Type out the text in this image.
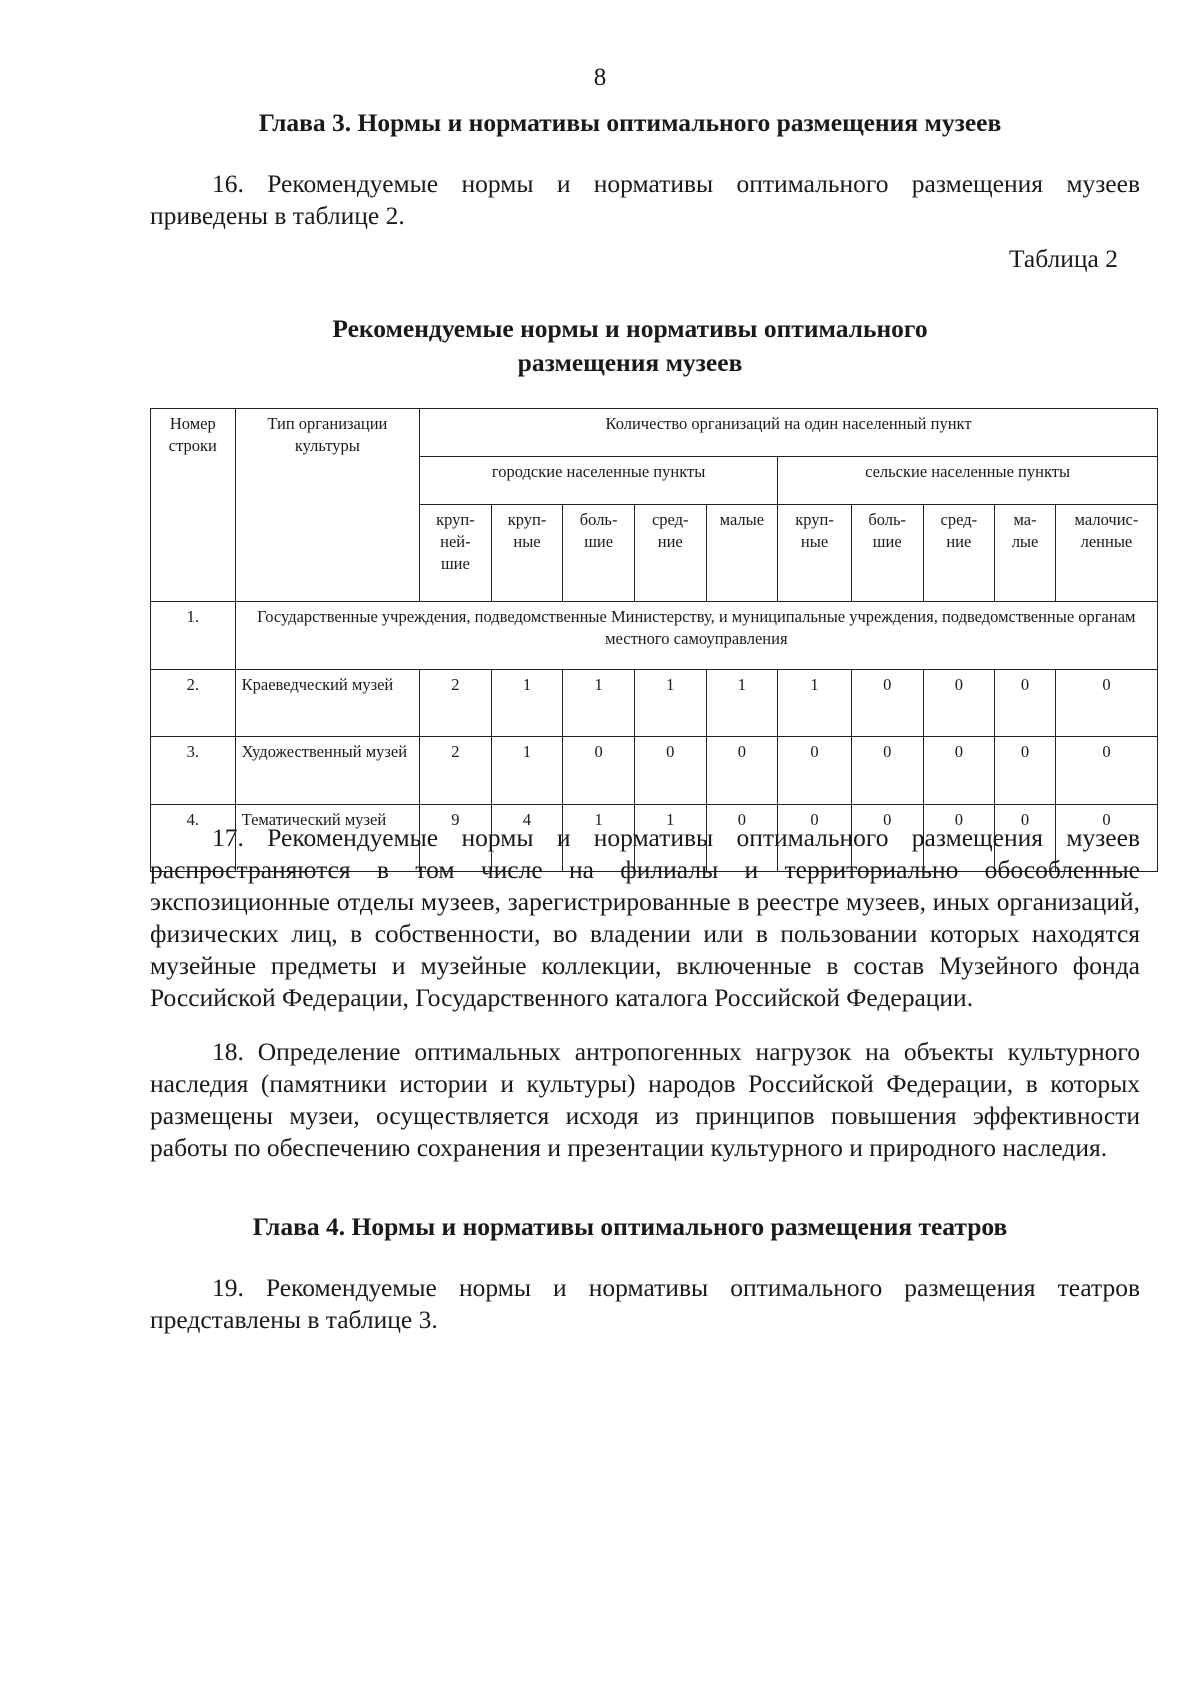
8
Глава 3. Нормы и нормативы оптимального размещения музеев

16. Рекомендуемые нормы и нормативы оптимального размещения музеев приведены в таблице 2.

Таблица 2
Рекомендуемые нормы и нормативы оптимального
размещения музеев
Номер строки	Тип организации культуры	Количество организаций на один населенный пункт									
		городские населенные пункты					сельские населенные пункты				
		круп-
ней-
шие	круп-
ные	боль-
шие	сред-
ние	малые	круп-
ные	боль-
шие	сред-
ние	ма-
лые	малочис-
ленные
1.	Государственные учреждения, подведомственные Министерству, и муниципальные учреждения, подведомственные органам местного самоуправления										
2.	Краеведческий музей	2	1	1	1	1	1	0	0	0	0
3.	Художественный музей	2	1	0	0	0	0	0	0	0	0
4.	Тематический музей	9	4	1	1	0	0	0	0	0	0

17. Рекомендуемые нормы и нормативы оптимального размещения музеев распространяются в том числе на филиалы и территориально обособленные экспозиционные отделы музеев, зарегистрированные в реестре музеев, иных организаций, физических лиц, в собственности, во владении или в пользовании которых находятся музейные предметы и музейные коллекции, включенные в состав Музейного фонда Российской Федерации, Государственного каталога Российской Федерации.

18. Определение оптимальных антропогенных нагрузок на объекты культурного наследия (памятники истории и культуры) народов Российской Федерации, в которых размещены музеи, осуществляется исходя из принципов повышения эффективности работы по обеспечению сохранения и презентации культурного и природного наследия.

Глава 4. Нормы и нормативы оптимального размещения театров

19. Рекомендуемые нормы и нормативы оптимального размещения театров представлены в таблице 3.
